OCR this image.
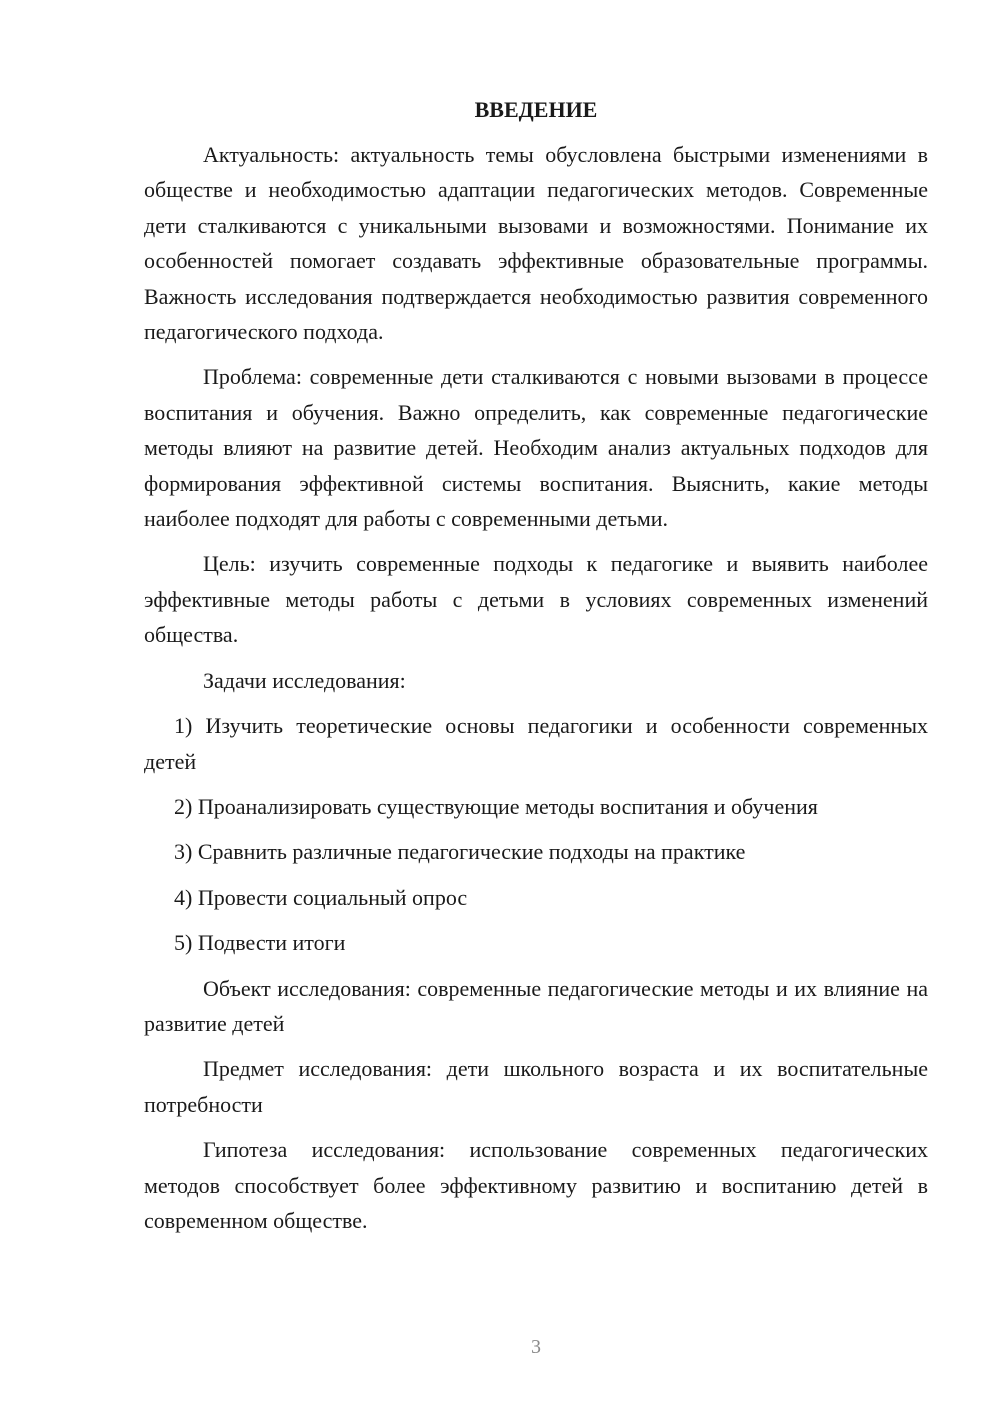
ВВЕДЕНИЕ

Актуальность: актуальность темы обусловлена быстрыми изменениями в обществе и необходимостью адаптации педагогических методов. Современные дети сталкиваются с уникальными вызовами и возможностями. Понимание их особенностей помогает создавать эффективные образовательные программы. Важность исследования подтверждается необходимостью развития современного педагогического подхода.

Проблема: современные дети сталкиваются с новыми вызовами в процессе воспитания и обучения. Важно определить, как современные педагогические методы влияют на развитие детей. Необходим анализ актуальных подходов для формирования эффективной системы воспитания. Выяснить, какие методы наиболее подходят для работы с современными детьми.

Цель: изучить современные подходы к педагогике и выявить наиболее эффективные методы работы с детьми в условиях современных изменений общества.

Задачи исследования:

1) Изучить теоретические основы педагогики и особенности современных детей

2) Проанализировать существующие методы воспитания и обучения

3) Сравнить различные педагогические подходы на практике

4) Провести социальный опрос

5) Подвести итоги

Объект исследования: современные педагогические методы и их влияние на развитие детей

Предмет исследования: дети школьного возраста и их воспитательные потребности

Гипотеза исследования: использование современных педагогических методов способствует более эффективному развитию и воспитанию детей в современном обществе.

3
